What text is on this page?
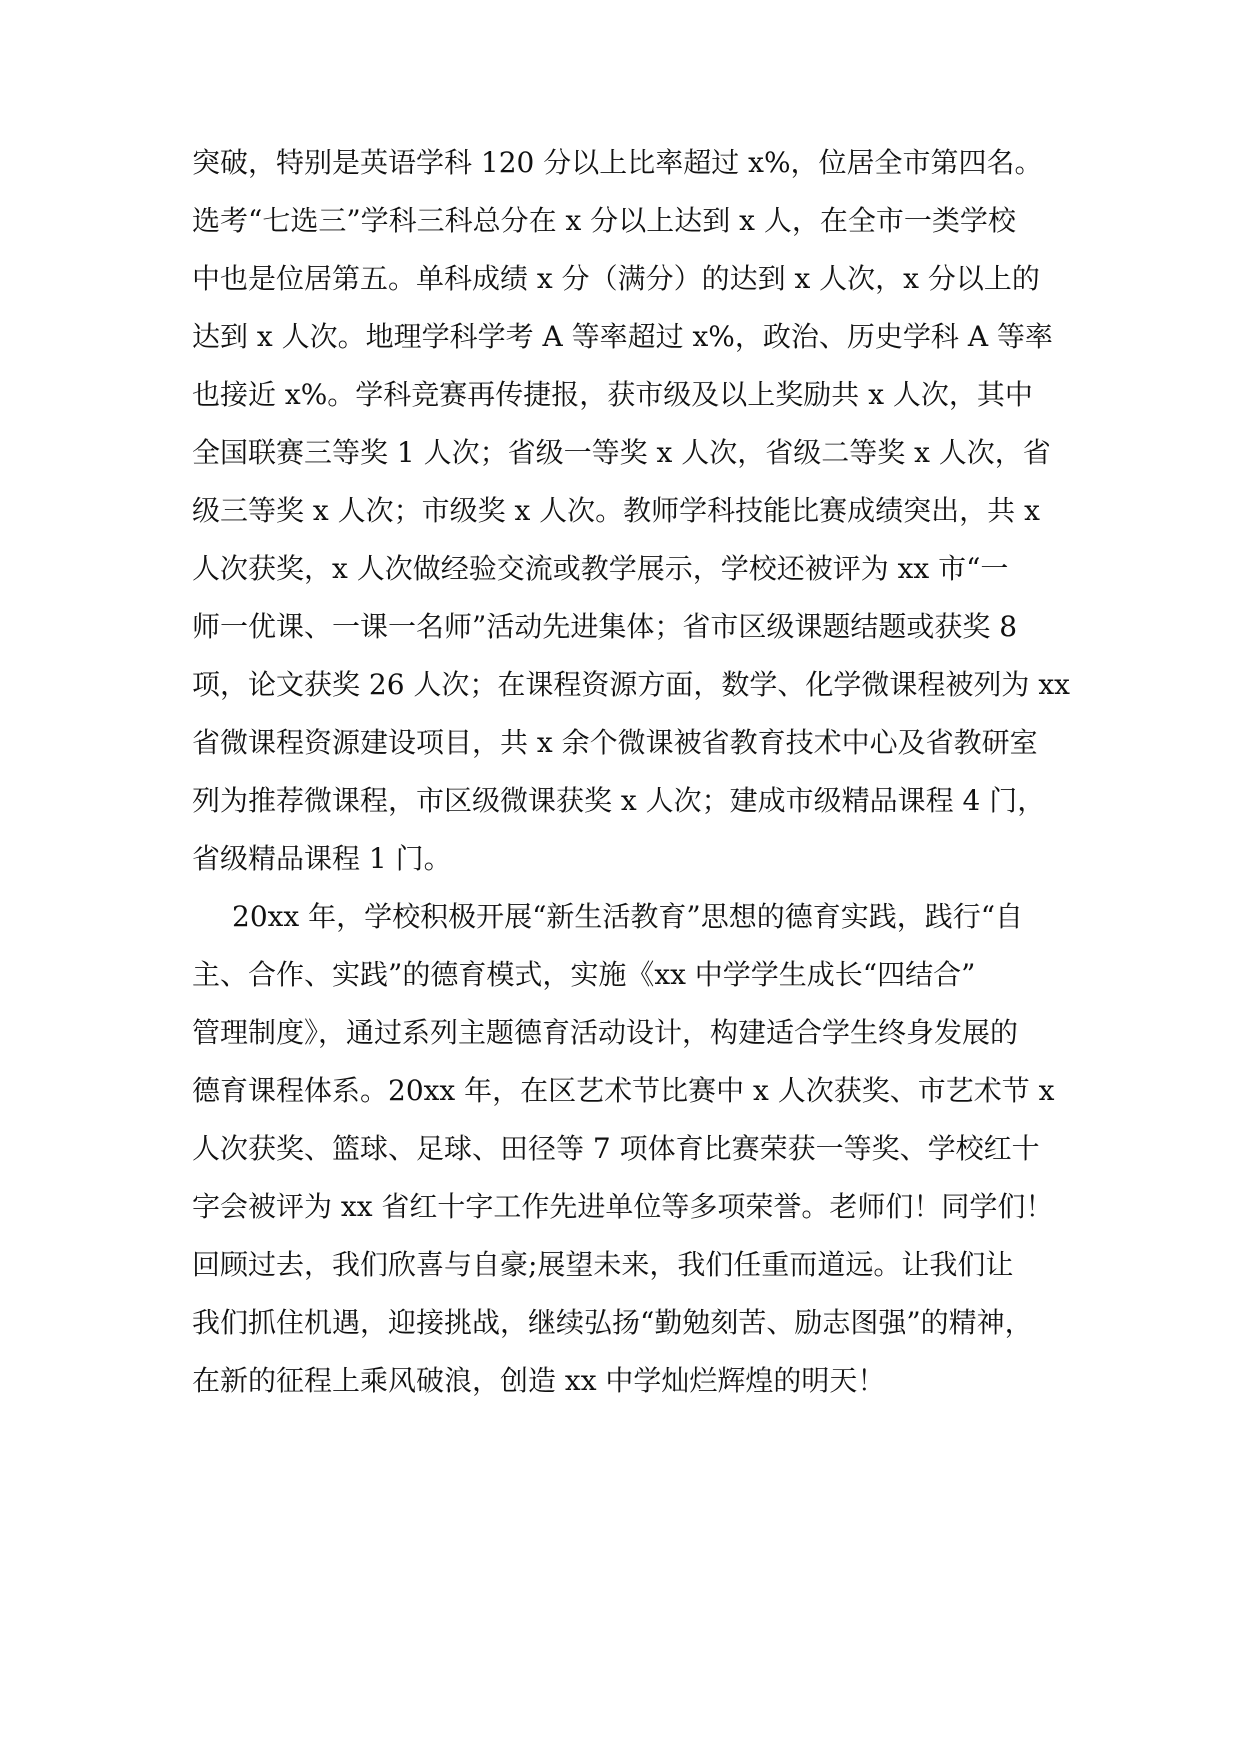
突破，特别是英语学科 120 分以上比率超过 x%，位居全市第四名。
选考“七选三”学科三科总分在 x 分以上达到 x 人，在全市一类学校
中也是位居第五。单科成绩 x 分（满分）的达到 x 人次，x 分以上的
达到 x 人次。地理学科学考 A 等率超过 x%，政治、历史学科 A 等率
也接近 x%。学科竞赛再传捷报，获市级及以上奖励共 x 人次，其中
全国联赛三等奖 1 人次；省级一等奖 x 人次，省级二等奖 x 人次，省
级三等奖 x 人次；市级奖 x 人次。教师学科技能比赛成绩突出，共 x
人次获奖，x 人次做经验交流或教学展示，学校还被评为 xx 市“一
师一优课、一课一名师”活动先进集体；省市区级课题结题或获奖 8
项，论文获奖 26 人次；在课程资源方面，数学、化学微课程被列为 xx
省微课程资源建设项目，共 x 余个微课被省教育技术中心及省教研室
列为推荐微课程，市区级微课获奖 x 人次；建成市级精品课程 4 门，
省级精品课程 1 门。
20xx 年，学校积极开展“新生活教育”思想的德育实践，践行“自
主、合作、实践”的德育模式，实施《xx 中学学生成长“四结合”
管理制度》，通过系列主题德育活动设计，构建适合学生终身发展的
德育课程体系。20xx 年，在区艺术节比赛中 x 人次获奖、市艺术节 x
人次获奖、篮球、足球、田径等 7 项体育比赛荣获一等奖、学校红十
字会被评为 xx 省红十字工作先进单位等多项荣誉。老师们！同学们！
回顾过去，我们欣喜与自豪;展望未来，我们任重而道远。让我们让
我们抓住机遇，迎接挑战，继续弘扬“勤勉刻苦、励志图强”的精神，
在新的征程上乘风破浪，创造 xx 中学灿烂辉煌的明天！
